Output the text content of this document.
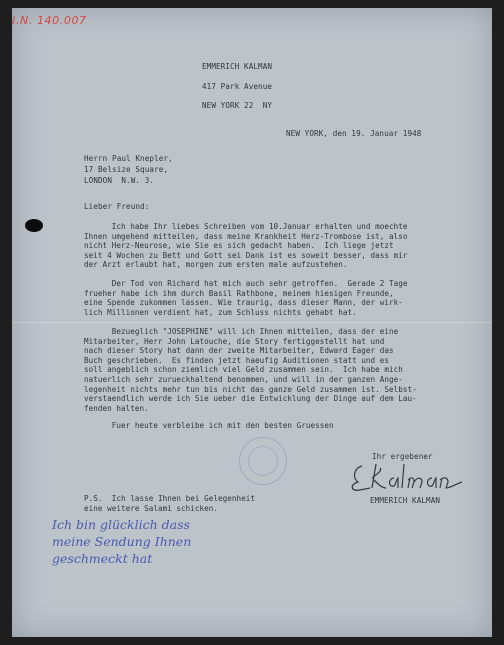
I.N. 140.007
EMMERICH KALMAN
417 Park Avenue
NEW YORK 22  NY
NEW YORK, den 19. Januar 1948
Herrn Paul Knepler,
17 Belsize Square,
LONDON  N.W. 3.
Lieber Freund:
Ich habe Ihr liebes Schreiben vom 10.Januar erhalten und moechte
Ihnen umgehend mitteilen, dass meine Krankheit Herz-Trombose ist, also
nicht Herz-Neurose, wie Sie es sich gedacht haben.  Ich liege jetzt
seit 4 Wochen zu Bett und Gott sei Dank ist es soweit besser, dass mir
der Arzt erlaubt hat, morgen zum ersten male aufzustehen.
Der Tod von Richard hat mich auch sehr getroffen.  Gerade 2 Tage
frueher habe ich ihm durch Basil Rathbone, meinem hiesigen Freunde,
eine Spende zukommen lassen. Wie traurig, dass dieser Mann, der wirk-
lich Millionen verdient hat, zum Schluss nichts gehabt hat.
Bezueglich "JOSEPHINE" will ich Ihnen mitteilen, dass der eine
Mitarbeiter, Herr John Latouche, die Story fertiggestellt hat und
nach dieser Story hat dann der zweite Mitarbeiter, Edward Eager das
Buch geschrieben.  Es finden jetzt haeufig Auditionen statt und es
soll angeblich schon ziemlich viel Geld zusammen sein.  Ich habe mich
natuerlich sehr zurueckhaltend benommen, und will in der ganzen Ange-
legenheit nichts mehr tun bis nicht das ganze Geld zusammen ist. Selbst-
verstaendlich werde ich Sie ueber die Entwicklung der Dinge auf dem Lau-
fenden halten.
Fuer heute verbleibe ich mit den besten Gruessen
Ihr ergebener
EMMERICH KALMAN
P.S.  Ich lasse Ihnen bei Gelegenheit
eine weitere Salami schicken.
Ich bin glücklich dass
meine Sendung Ihnen
geschmeckt hat
